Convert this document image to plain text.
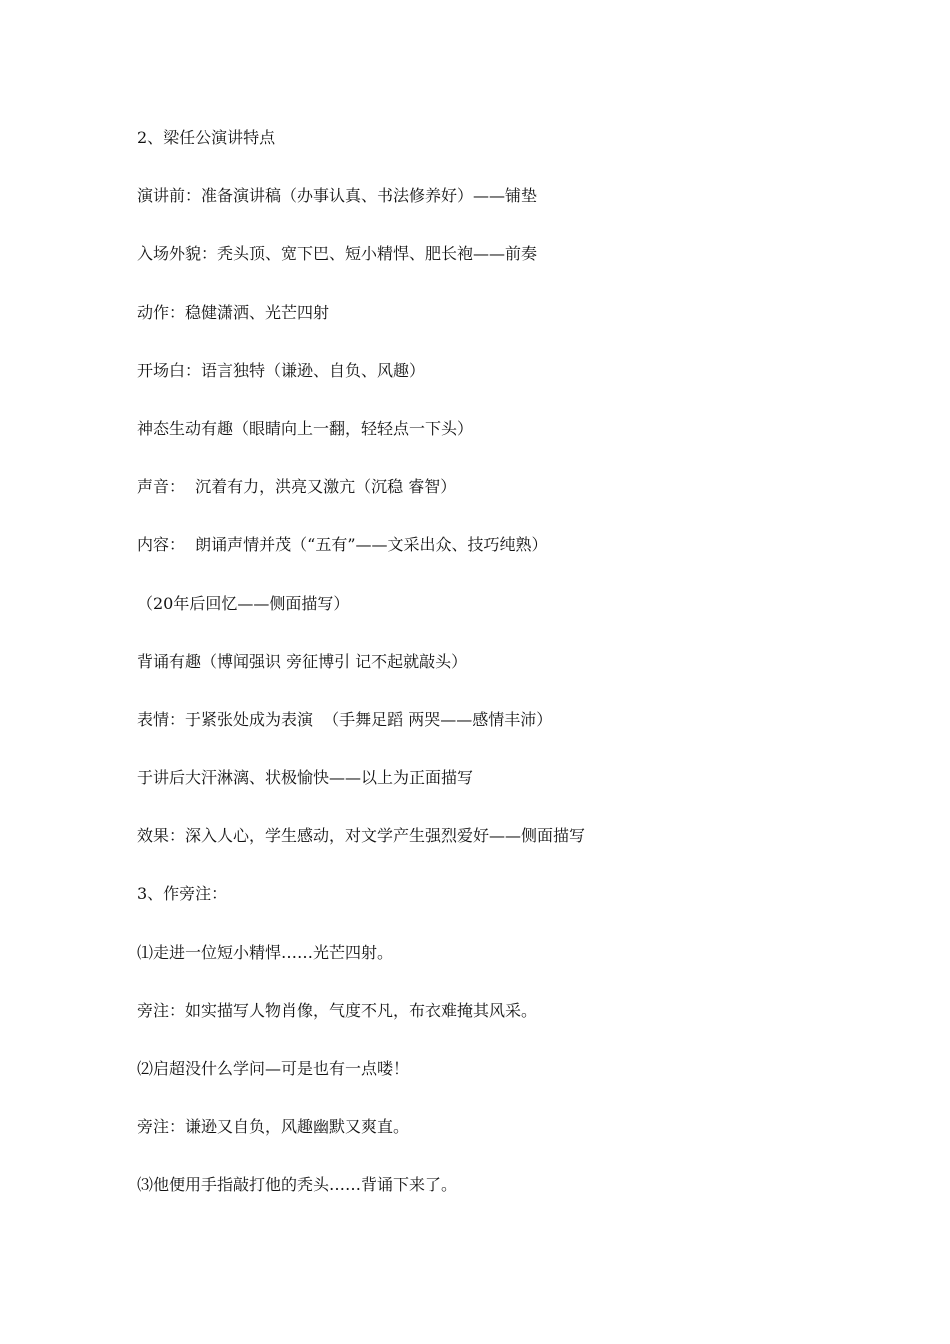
2、梁任公演讲特点

演讲前：准备演讲稿（办事认真、书法修养好）——铺垫

入场外貌：秃头顶、宽下巴、短小精悍、肥长袍——前奏

动作：稳健潇洒、光芒四射

开场白：语言独特（谦逊、自负、风趣）

神态生动有趣（眼睛向上一翻，轻轻点一下头）

声音：  沉着有力，洪亮又激亢（沉稳 睿智）

内容：  朗诵声情并茂（“五有”——文采出众、技巧纯熟）

（20年后回忆——侧面描写）

背诵有趣（博闻强识 旁征博引 记不起就敲头）

表情：于紧张处成为表演  （手舞足蹈 两哭——感情丰沛）

于讲后大汗淋漓、状极愉快——以上为正面描写

效果：深入人心，学生感动，对文学产生强烈爱好——侧面描写

3、作旁注：

⑴走进一位短小精悍……光芒四射。

旁注：如实描写人物肖像，气度不凡，布衣难掩其风采。

⑵启超没什么学问—可是也有一点喽！

旁注：谦逊又自负，风趣幽默又爽直。

⑶他便用手指敲打他的秃头……背诵下来了。
